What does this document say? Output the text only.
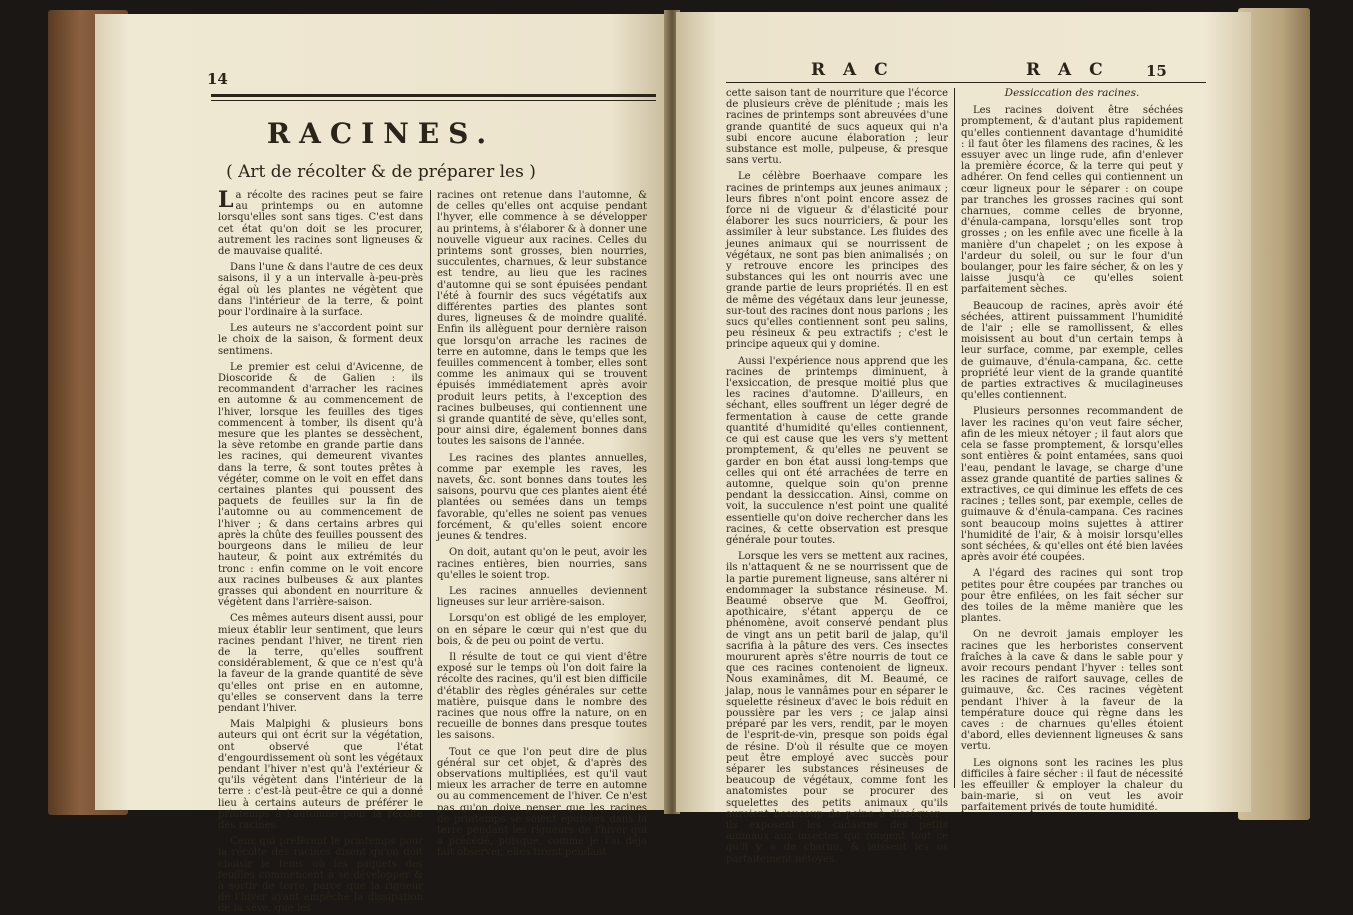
14
RACINES.
( Art de récolter & de préparer les )

La récolte des racines peut se faire au printemps ou en automne lorsqu'elles sont sans tiges. C'est dans cet état qu'on doit se les procurer, autrement les racines sont ligneuses & de mauvaise qualité.

Dans l'une & dans l'autre de ces deux saisons, il y a un intervalle à-peu-près égal où les plantes ne végètent que dans l'intérieur de la terre, & point pour l'ordinaire à la surface.

Les auteurs ne s'accordent point sur le choix de la saison, & forment deux sentimens.

Le premier est celui d'Avicenne, de Dioscoride & de Galien : ils recommandent d'arracher les racines en automne & au commencement de l'hiver, lorsque les feuilles des tiges commencent à tomber, ils disent qu'à mesure que les plantes se dessèchent, la sève retombe en grande partie dans les racines, qui demeurent vivantes dans la terre, & sont toutes prêtes à végéter, comme on le voit en effet dans certaines plantes qui poussent des paquets de feuilles sur la fin de l'automne ou au commencement de l'hiver ; & dans certains arbres qui après la chûte des feuilles poussent des bourgeons dans le milieu de leur hauteur, & point aux extrémités du tronc : enfin comme on le voit encore aux racines bulbeuses & aux plantes grasses qui abondent en nourriture & végètent dans l'arrière-saison.

Ces mêmes auteurs disent aussi, pour mieux établir leur sentiment, que leurs racines pendant l'hiver, ne tirent rien de la terre, qu'elles souffrent considérablement, & que ce n'est qu'à la faveur de la grande quantité de sève qu'elles ont prise en en automne, qu'elles se conservent dans la terre pendant l'hiver.

Mais Malpighi & plusieurs bons auteurs qui ont écrit sur la végétation, ont observé que l'état d'engourdissement où sont les végétaux pendant l'hiver n'est qu'à l'extérieur & qu'ils végètent dans l'intérieur de la terre : c'est-là peut-être ce qui a donné lieu à certains auteurs de préférer le printemps à l'automne pour la récolte des racines.

Ceux qui préfèrent le printemps pour la récolte des racines disent qu'on doit choisir le tems où les paquets des feuilles commencent à se développer & à sortir de terre, parce que la rigueur de l'hiver ayant empêché la dissipation de la sève, que les

racines ont retenue dans l'automne, & de celles qu'elles ont acquise pendant l'hyver, elle commence à se développer au printems, à s'élaborer & à donner une nouvelle vigueur aux racines. Celles du printems sont grosses, bien nourries, succulentes, charnues, & leur substance est tendre, au lieu que les racines d'automne qui se sont épuisées pendant l'été à fournir des sucs végétatifs aux différentes parties des plantes sont dures, ligneuses & de moindre qualité. Enfin ils allèguent pour dernière raison que lorsqu'on arrache les racines de terre en automne, dans le temps que les feuilles commencent à tomber, elles sont comme les animaux qui se trouvent épuisés immédiatement après avoir produit leurs petits, à l'exception des racines bulbeuses, qui contiennent une si grande quantité de sève, qu'elles sont, pour ainsi dire, également bonnes dans toutes les saisons de l'année.

Les racines des plantes annuelles, comme par exemple les raves, les navets, &c. sont bonnes dans toutes les saisons, pourvu que ces plantes aient été plantées ou semées dans un temps favorable, qu'elles ne soient pas venues forcément, & qu'elles soient encore jeunes & tendres.

On doit, autant qu'on le peut, avoir les racines entières, bien nourries, sans qu'elles le soient trop.

Les racines annuelles deviennent ligneuses sur leur arrière-saison.

Lorsqu'on est obligé de les employer, on en sépare le cœur qui n'est que du bois, & de peu ou point de vertu.

Il résulte de tout ce qui vient d'être exposé sur le temps où l'on doit faire la récolte des racines, qu'il est bien difficile d'établir des règles générales sur cette matière, puisque dans le nombre des racines que nous offre la nature, on en recueille de bonnes dans presque toutes les saisons.

Tout ce que l'on peut dire de plus général sur cet objet, & d'après des observations multipliées, est qu'il vaut mieux les arracher de terre en automne ou au commencement de l'hiver. Ce n'est pas qu'on doive penser que les racines de printemps se soient épuisées dans la terre pendant les rigueurs de l'hiver qui a précédé, puisque, comme je l'ai déja fait observer, elles tirent pendant

R A C	R A C 15

cette saison tant de nourriture que l'écorce de plusieurs crève de plénitude ; mais les racines de printemps sont abreuvées d'une grande quantité de sucs aqueux qui n'a subi encore aucune élaboration ; leur substance est molle, pulpeuse, & presque sans vertu.

Le célèbre Boerhaave compare les racines de printemps aux jeunes animaux ; leurs fibres n'ont point encore assez de force ni de vigueur & d'élasticité pour élaborer les sucs nourriciers, & pour les assimiler à leur substance. Les fluides des jeunes animaux qui se nourrissent de végétaux, ne sont pas bien animalisés ; on y retrouve encore les principes des substances qui les ont nourris avec une grande partie de leurs propriétés. Il en est de même des végétaux dans leur jeunesse, sur-tout des racines dont nous parlons ; les sucs qu'elles contiennent sont peu salins, peu résineux & peu extractifs ; c'est le principe aqueux qui y domine.

Aussi l'expérience nous apprend que les racines de printemps diminuent, à l'exsiccation, de presque moitié plus que les racines d'automne. D'ailleurs, en séchant, elles souffrent un léger degré de fermentation à cause de cette grande quantité d'humidité qu'elles contiennent, ce qui est cause que les vers s'y mettent promptement, & qu'elles ne peuvent se garder en bon état aussi long-temps que celles qui ont été arrachées de terre en automne, quelque soin qu'on prenne pendant la dessiccation. Ainsi, comme on voit, la succulence n'est point une qualité essentielle qu'on doive rechercher dans les racines, & cette observation est presque générale pour toutes.

Lorsque les vers se mettent aux racines, ils n'attaquent & ne se nourrissent que de la partie purement ligneuse, sans altérer ni endommager la substance résineuse. M. Beaumé observe que M. Geoffroi, apothicaire, s'étant apperçu de ce phénomène, avoit conservé pendant plus de vingt ans un petit baril de jalap, qu'il sacrifia à la pâture des vers. Ces insectes moururent après s'être nourris de tout ce que ces racines contenoient de ligneux. Nous examinâmes, dit M. Beaumé, ce jalap, nous le vannâmes pour en séparer le squelette résineux d'avec le bois réduit en poussière par les vers ; ce jalap ainsi préparé par les vers, rendit, par le moyen de l'esprit-de-vin, presque son poids égal de résine. D'où il résulte que ce moyen peut être employé avec succès pour séparer les substances résineuses de beaucoup de végétaux, comme font les anatomistes pour se procurer des squelettes des petits animaux qu'ils auroient beaucoup de peine à disséquer : ils exposent les cadavres des petits animaux aux insectes qui rongent tout ce qu'il y a de charnu, & laissent les os parfaitement nétoyés.

Dessiccation des racines.

Les racines doivent être séchées promptement, & d'autant plus rapidement qu'elles contiennent davantage d'humidité : il faut ôter les filamens des racines, & les essuyer avec un linge rude, afin d'enlever la première écorce, & la terre qui peut y adhérer. On fend celles qui contiennent un cœur ligneux pour le séparer : on coupe par tranches les grosses racines qui sont charnues, comme celles de bryonne, d'énula-campana, lorsqu'elles sont trop grosses ; on les enfile avec une ficelle à la manière d'un chapelet ; on les expose à l'ardeur du soleil, ou sur le four d'un boulanger, pour les faire sécher, & on les y laisse jusqu'à ce qu'elles soient parfaitement sèches.

Beaucoup de racines, après avoir été séchées, attirent puissamment l'humidité de l'air ; elle se ramollissent, & elles moisissent au bout d'un certain temps à leur surface, comme, par exemple, celles de guimauve, d'énula-campana, &c. cette propriété leur vient de la grande quantité de parties extractives & mucilagineuses qu'elles contiennent.

Plusieurs personnes recommandent de laver les racines qu'on veut faire sécher, afin de les mieux nétoyer ; il faut alors que cela se fasse promptement, & lorsqu'elles sont entières & point entamées, sans quoi l'eau, pendant le lavage, se charge d'une assez grande quantité de parties salines & extractives, ce qui diminue les effets de ces racines ; telles sont, par exemple, celles de guimauve & d'énula-campana. Ces racines sont beaucoup moins sujettes à attirer l'humidité de l'air, & à moisir lorsqu'elles sont séchées, & qu'elles ont été bien lavées après avoir été coupées.

A l'égard des racines qui sont trop petites pour être coupées par tranches ou pour être enfilées, on les fait sécher sur des toiles de la même manière que les plantes.

On ne devroit jamais employer les racines que les herboristes conservent fraîches à la cave & dans le sable pour y avoir recours pendant l'hyver : telles sont les racines de raifort sauvage, celles de guimauve, &c. Ces racines végètent pendant l'hiver à la faveur de la température douce qui règne dans les caves : de charnues qu'elles étoient d'abord, elles deviennent ligneuses & sans vertu.

Les oignons sont les racines les plus difficiles à faire sécher : il faut de nécessité les effeuiller & employer la chaleur du bain-marie, si on veut les avoir parfaitement privés de toute humidité.
